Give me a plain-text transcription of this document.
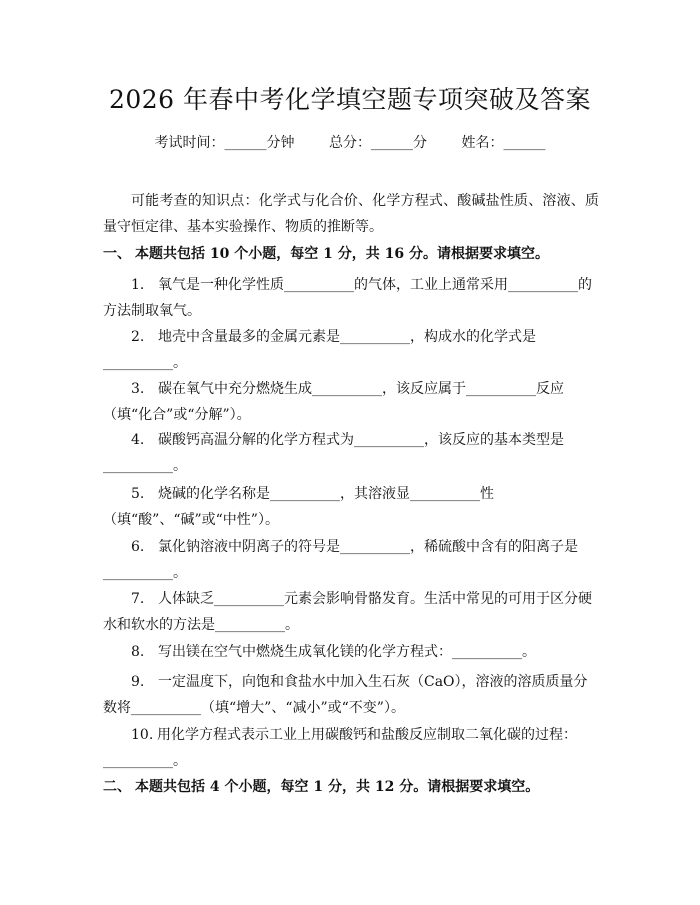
2026 年春中考化学填空题专项突破及答案
考试时间：______分钟 总分：______分 姓名：______
可能考查的知识点：化学式与化合价、化学方程式、酸碱盐性质、溶液、质量守恒定律、基本实验操作、物质的推断等。
一、 本题共包括 10 个小题，每空 1 分，共 16 分。请根据要求填空。
1. 氧气是一种化学性质__________的气体，工业上通常采用__________的方法制取氧气。
2. 地壳中含量最多的金属元素是__________，构成水的化学式是__________。
3. 碳在氧气中充分燃烧生成__________，该反应属于__________反应（填“化合”或“分解”）。
4. 碳酸钙高温分解的化学方程式为__________，该反应的基本类型是__________。
5. 烧碱的化学名称是__________，其溶液显__________性（填“酸”、“碱”或“中性”）。
6. 氯化钠溶液中阴离子的符号是__________，稀硫酸中含有的阳离子是__________。
7. 人体缺乏__________元素会影响骨骼发育。生活中常见的可用于区分硬水和软水的方法是__________。
8. 写出镁在空气中燃烧生成氧化镁的化学方程式：__________。
9. 一定温度下，向饱和食盐水中加入生石灰（CaO），溶液的溶质质量分数将__________（填“增大”、“减小”或“不变”）。
10. 用化学方程式表示工业上用碳酸钙和盐酸反应制取二氧化碳的过程：__________。
二、 本题共包括 4 个小题，每空 1 分，共 12 分。请根据要求填空。
